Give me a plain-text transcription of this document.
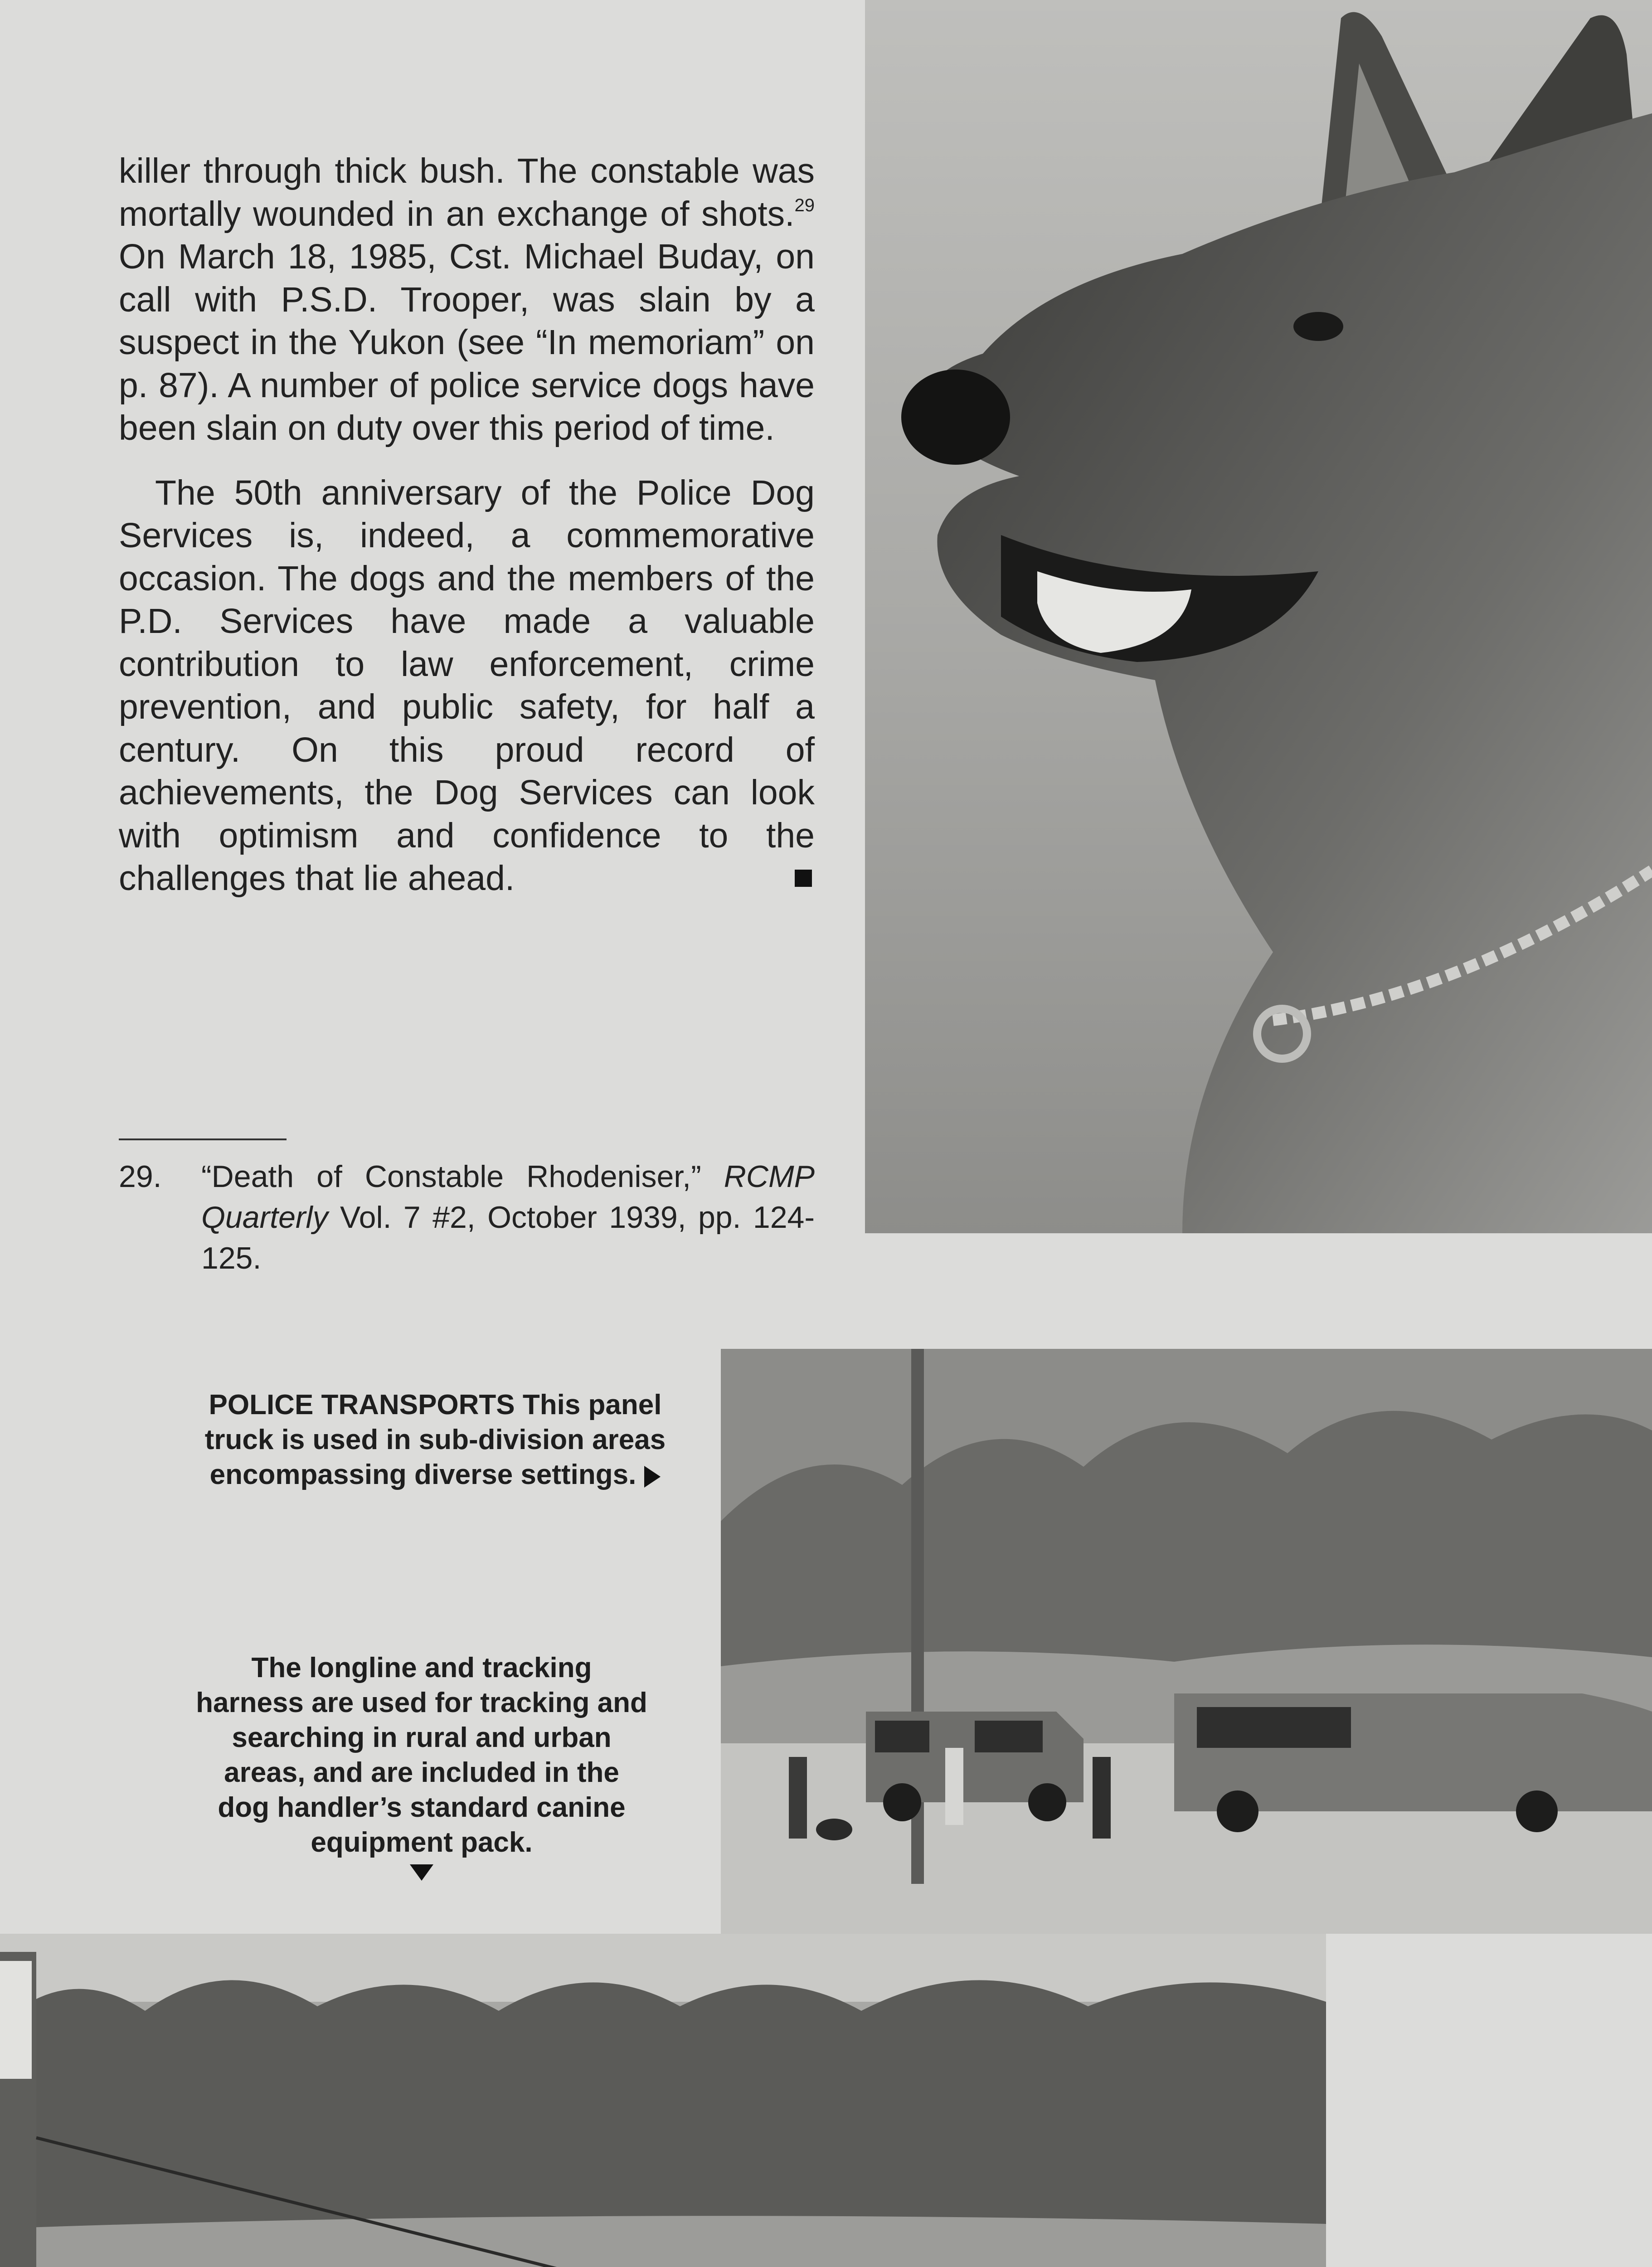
killer through thick bush. The constable was mortally wounded in an exchange of shots.$^{29}$ On March 18, 1985, Cst. Michael Buday, on call with P.S.D. Trooper, was slain by a suspect in the Yukon (see “In memoriam” on p. 87). A number of police service dogs have been slain on duty over this period of time.

The 50th anniversary of the Police Dog Services is, indeed, a commemorative occasion. The dogs and the members of the P.D. Services have made a valuable contribution to law enforcement, crime prevention, and public safety, for half a century. On this proud record of achievements, the Dog Services can look with optimism and confidence to the challenges that lie ahead.

29. “Death of Constable Rhodeniser,” RCMP Quarterly Vol. 7 #2, October 1939, pp. 124-125.
POLICE TRANSPORTS This panel truck is used in sub-division areas encompassing diverse settings.
The longline and tracking harness are used for tracking and searching in rural and urban areas, and are included in the dog handler’s standard canine equipment pack.
